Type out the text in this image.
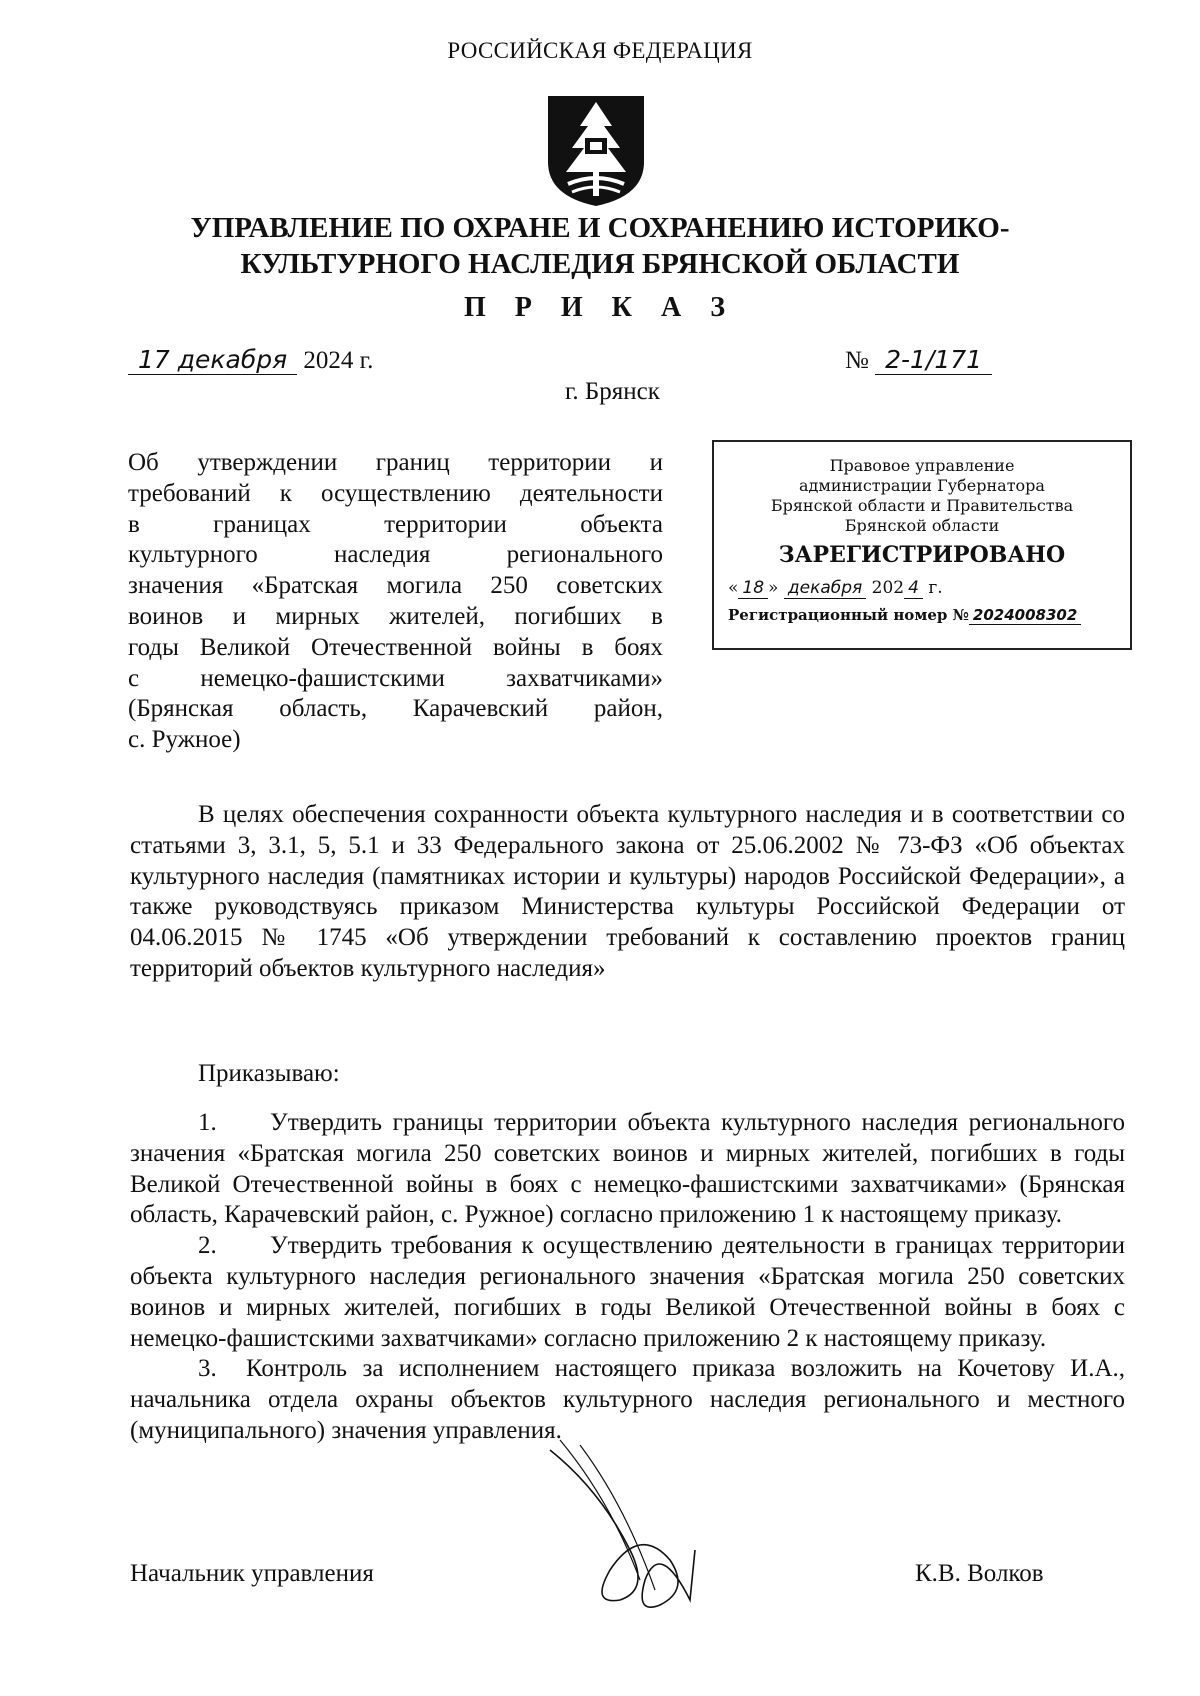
РОССИЙСКАЯ ФЕДЕРАЦИЯ
УПРАВЛЕНИЕ ПО ОХРАНЕ И СОХРАНЕНИЮ ИСТОРИКО-
КУЛЬТУРНОГО НАСЛЕДИЯ БРЯНСКОЙ ОБЛАСТИ
П Р И К А З
17 декабря 2024 г.	№ 2-1/171
г. Брянск
Об утверждении границ территории и
требований к осуществлению деятельности
в границах территории объекта
культурного наследия регионального
значения «Братская могила 250 советских
воинов и мирных жителей, погибших в
годы Великой Отечественной войны в боях
с немецко-фашистскими захватчиками»
(Брянская область, Карачевский район,
с. Ружное)
Правовое управление
администрации Губернатора
Брянской области и Правительства
Брянской области
ЗАРЕГИСТРИРОВАНО
« 18 » декабря 202 4 г.
Регистрационный номер № 2024008302
В целях обеспечения сохранности объекта культурного наследия и в соответствии со статьями 3, 3.1, 5, 5.1 и 33 Федерального закона от 25.06.2002 № 73-ФЗ «Об объектах культурного наследия (памятниках истории и культуры) народов Российской Федерации», а также руководствуясь приказом Министерства культуры Российской Федерации от 04.06.2015 № 1745 «Об утверждении требований к составлению проектов границ территорий объектов культурного наследия»
Приказываю:
1. Утвердить границы территории объекта культурного наследия регионального значения «Братская могила 250 советских воинов и мирных жителей, погибших в годы Великой Отечественной войны в боях с немецко-фашистскими захватчиками» (Брянская область, Карачевский район, с. Ружное) согласно приложению 1 к настоящему приказу.
2. Утвердить требования к осуществлению деятельности в границах территории объекта культурного наследия регионального значения «Братская могила 250 советских воинов и мирных жителей, погибших в годы Великой Отечественной войны в боях с немецко-фашистскими захватчиками» согласно приложению 2 к настоящему приказу.
3. Контроль за исполнением настоящего приказа возложить на Кочетову И.А., начальника отдела охраны объектов культурного наследия регионального и местного (муниципального) значения управления.
Начальник управления	К.В. Волков
